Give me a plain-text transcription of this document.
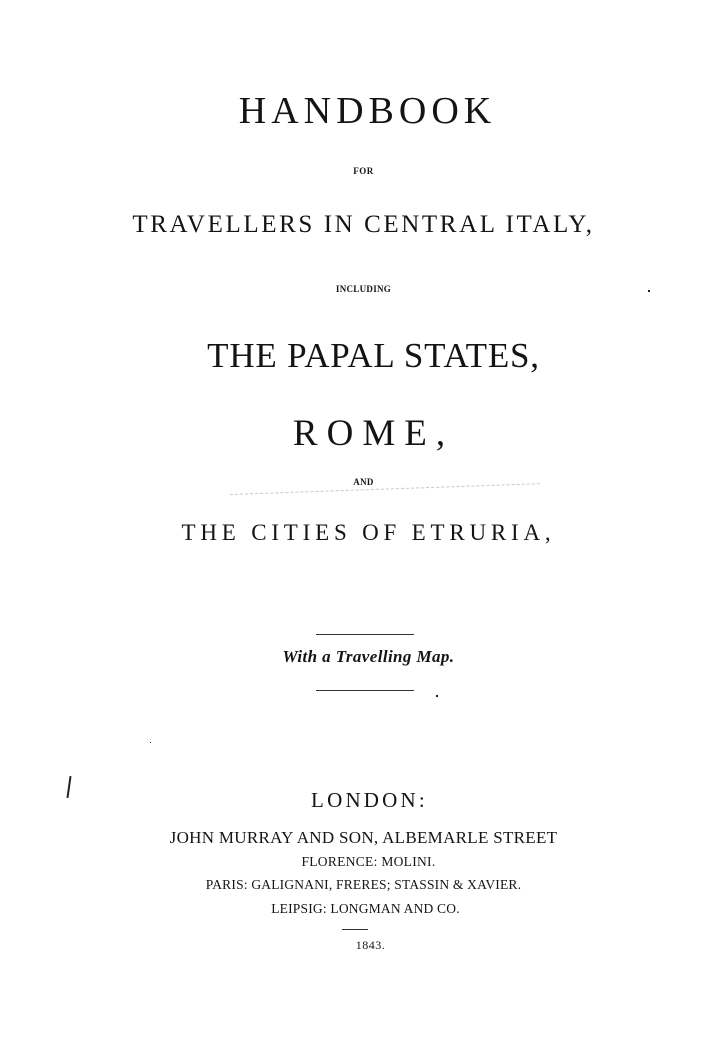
HANDBOOK
FOR
TRAVELLERS IN CENTRAL ITALY,
INCLUDING
THE PAPAL STATES,
ROME,
AND
THE CITIES OF ETRURIA,
With a Travelling Map.
LONDON:
JOHN MURRAY AND SON, ALBEMARLE STREET
FLORENCE: MOLINI.
PARIS: GALIGNANI, FRERES; STASSIN & XAVIER.
LEIPSIG: LONGMAN AND CO.
1843.
